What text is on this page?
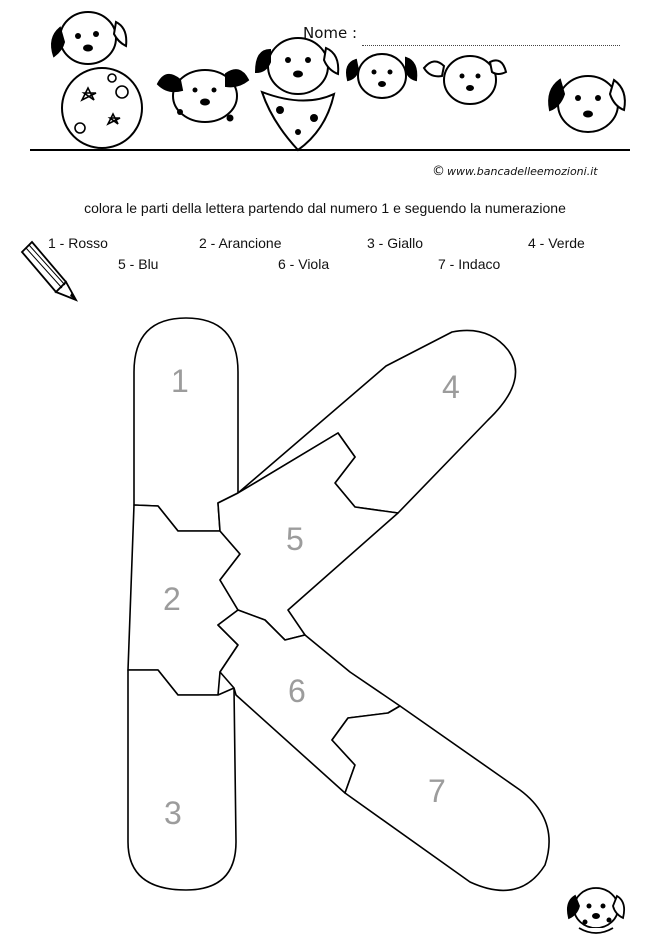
Nome :
© www.bancadelleemozioni.it
colora le parti della lettera partendo dal numero 1 e seguendo la numerazione
1 - Rosso	2 - Arancione	3 - Giallo	4 - Verde
5 - Blu	6 - Viola	7 - Indaco
1
2
3
4
5
6
7
